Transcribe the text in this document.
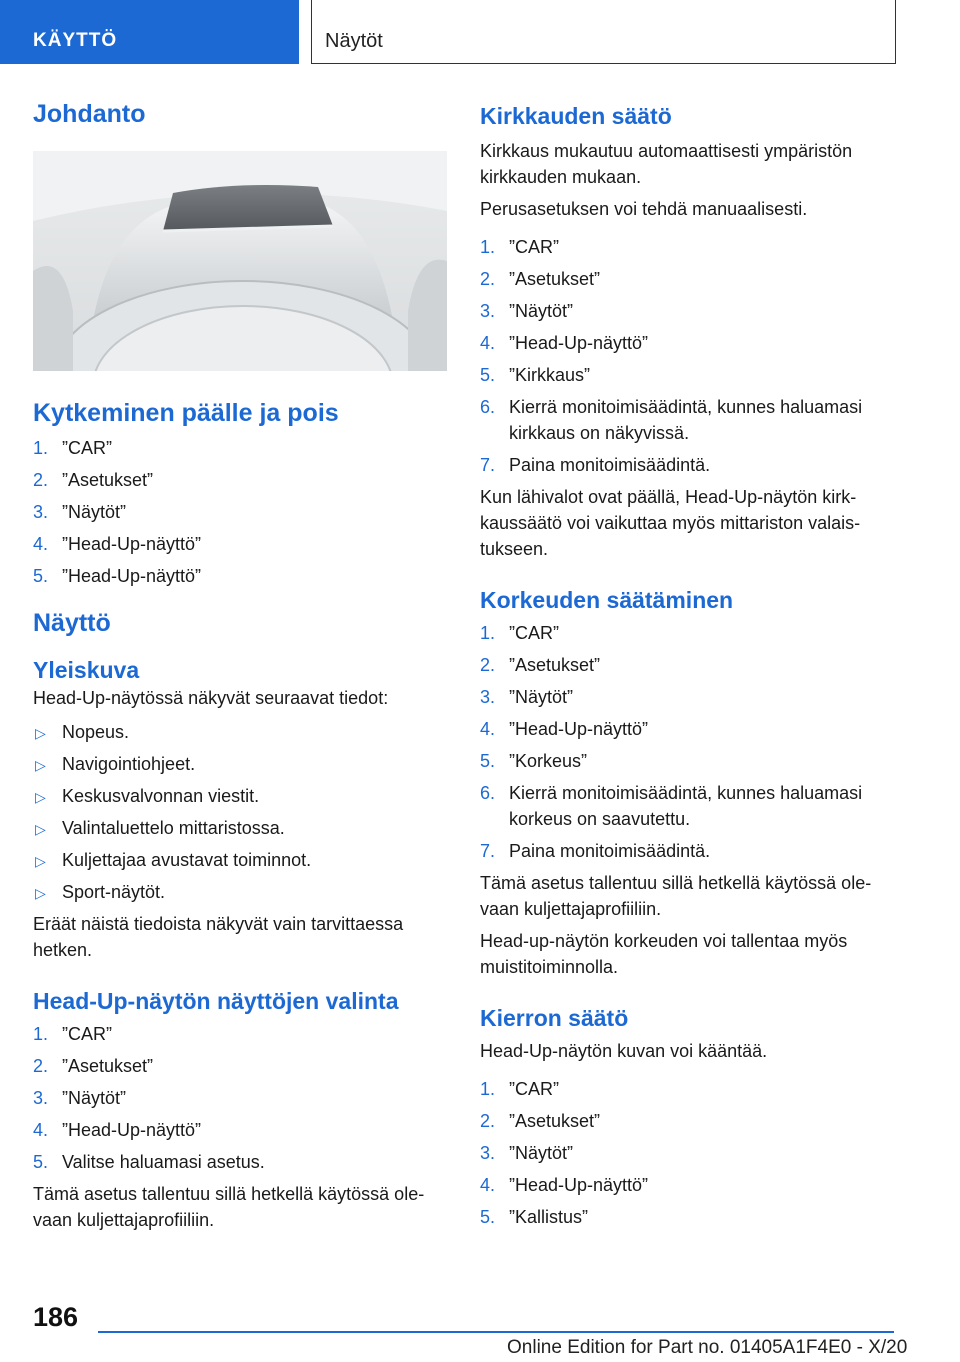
KÄYTTÖ	Näytöt
Johdanto
Kytkeminen päälle ja pois
1. ”CAR”
2. ”Asetukset”
3. ”Näytöt”
4. ”Head-Up-näyttö”
5. ”Head-Up-näyttö”
Näyttö
Yleiskuva

Head-Up-näytössä näkyvät seuraavat tiedot:

▷ Nopeus.
▷ Navigointiohjeet.
▷ Keskusvalvonnan viestit.
▷ Valintaluettelo mittaristossa.
▷ Kuljettajaa avustavat toiminnot.
▷ Sport-näytöt.

Eräät näistä tiedoista näkyvät vain tarvittaessa hetken.

Head-Up-näytön näyttöjen valinta
1. ”CAR”
2. ”Asetukset”
3. ”Näytöt”
4. ”Head-Up-näyttö”
5. Valitse haluamasi asetus.

Tämä asetus tallentuu sillä hetkellä käytössä olevaan kuljettajaprofiiliin.

Kirkkauden säätö

Kirkkaus mukautuu automaattisesti ympäristön kirkkauden mukaan.

Perusasetuksen voi tehdä manuaalisesti.

1. ”CAR”
2. ”Asetukset”
3. ”Näytöt”
4. ”Head-Up-näyttö”
5. ”Kirkkaus”
6. Kierrä monitoimisäädintä, kunnes haluamasi kirkkaus on näkyvissä.
7. Paina monitoimisäädintä.

Kun lähivalot ovat päällä, Head-Up-näytön kirkkaussäätö voi vaikuttaa myös mittariston valaistukseen.

Korkeuden säätäminen
1. ”CAR”
2. ”Asetukset”
3. ”Näytöt”
4. ”Head-Up-näyttö”
5. ”Korkeus”
6. Kierrä monitoimisäädintä, kunnes haluamasi korkeus on saavutettu.
7. Paina monitoimisäädintä.

Tämä asetus tallentuu sillä hetkellä käytössä olevaan kuljettajaprofiiliin.

Head-up-näytön korkeuden voi tallentaa myös muistitoiminnolla.

Kierron säätö

Head-Up-näytön kuvan voi kääntää.

1. ”CAR”
2. ”Asetukset”
3. ”Näytöt”
4. ”Head-Up-näyttö”
5. ”Kallistus”
186
Online Edition for Part no. 01405A1F4E0 - X/20
